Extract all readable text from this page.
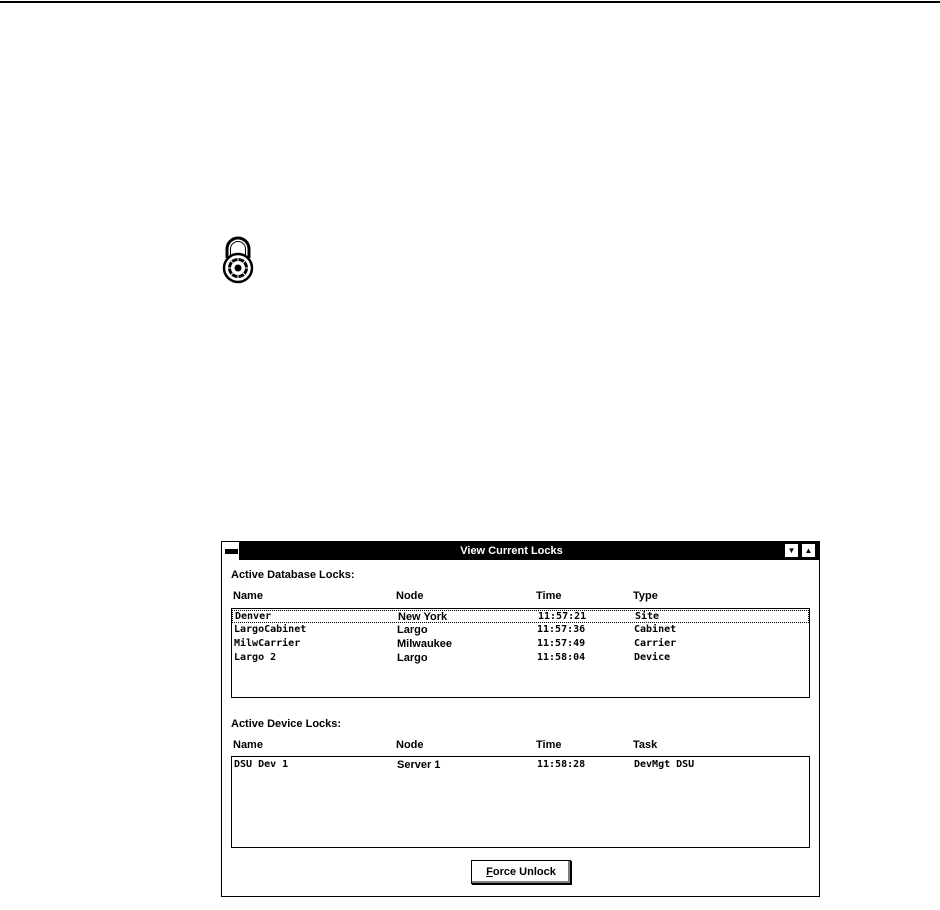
View Current Locks	▼	▲
Active Database Locks:
Name	Node	Time	Type
Denver	New York	11:57:21	Site
LargoCabinet	Largo	11:57:36	Cabinet
MilwCarrier	Milwaukee	11:57:49	Carrier
Largo 2	Largo	11:58:04	Device
Active Device Locks:
Name	Node	Time	Task
DSU Dev 1	Server 1	11:58:28	DevMgt DSU
Force Unlock
